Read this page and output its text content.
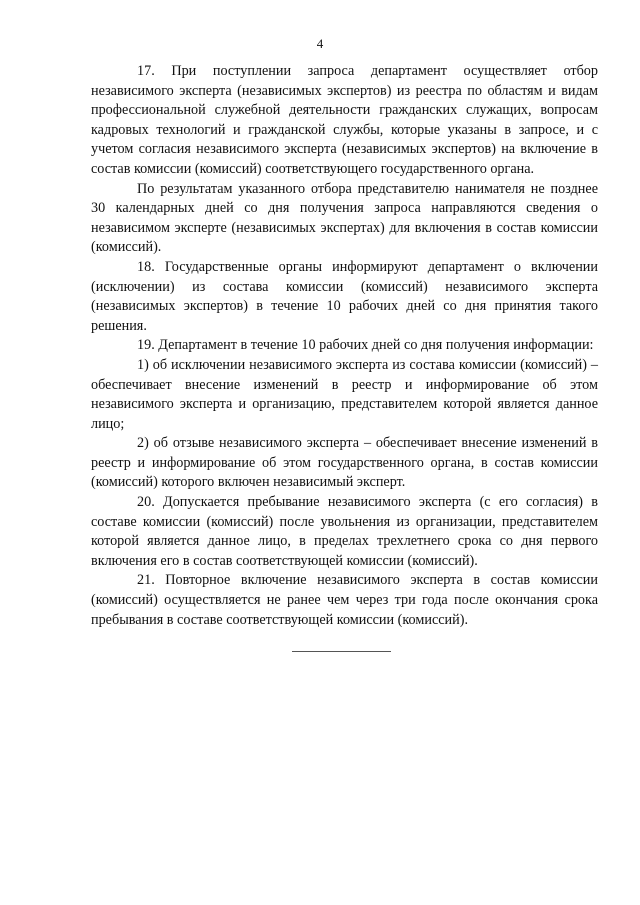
4

17. При поступлении запроса департамент осуществляет отбор независимого эксперта (независимых экспертов) из реестра по областям и видам профессиональной служебной деятельности гражданских служащих, вопросам кадровых технологий и гражданской службы, которые указаны в запросе, и с учетом согласия независимого эксперта (независимых экспертов) на включение в состав комиссии (комиссий) соответствующего государственного органа.

По результатам указанного отбора представителю нанимателя не позднее 30 календарных дней со дня получения запроса направляются сведения о независимом эксперте (независимых экспертах) для включения в состав комиссии (комиссий).

18. Государственные органы информируют департамент о включении (исключении) из состава комиссии (комиссий) независимого эксперта (независимых экспертов) в течение 10 рабочих дней со дня принятия такого решения.

19. Департамент в течение 10 рабочих дней со дня получения информации:

1) об исключении независимого эксперта из состава комиссии (комиссий) – обеспечивает внесение изменений в реестр и информирование об этом независимого эксперта и организацию, представителем которой является данное лицо;

2) об отзыве независимого эксперта – обеспечивает внесение изменений в реестр и информирование об этом государственного органа, в состав комиссии (комиссий) которого включен независимый эксперт.

20. Допускается пребывание независимого эксперта (с его согласия) в составе комиссии (комиссий) после увольнения из организации, представителем которой является данное лицо, в пределах трехлетнего срока со дня первого включения его в состав соответствующей комиссии (комиссий).

21. Повторное включение независимого эксперта в состав комиссии (комиссий) осуществляется не ранее чем через три года после окончания срока пребывания в составе соответствующей комиссии (комиссий).
